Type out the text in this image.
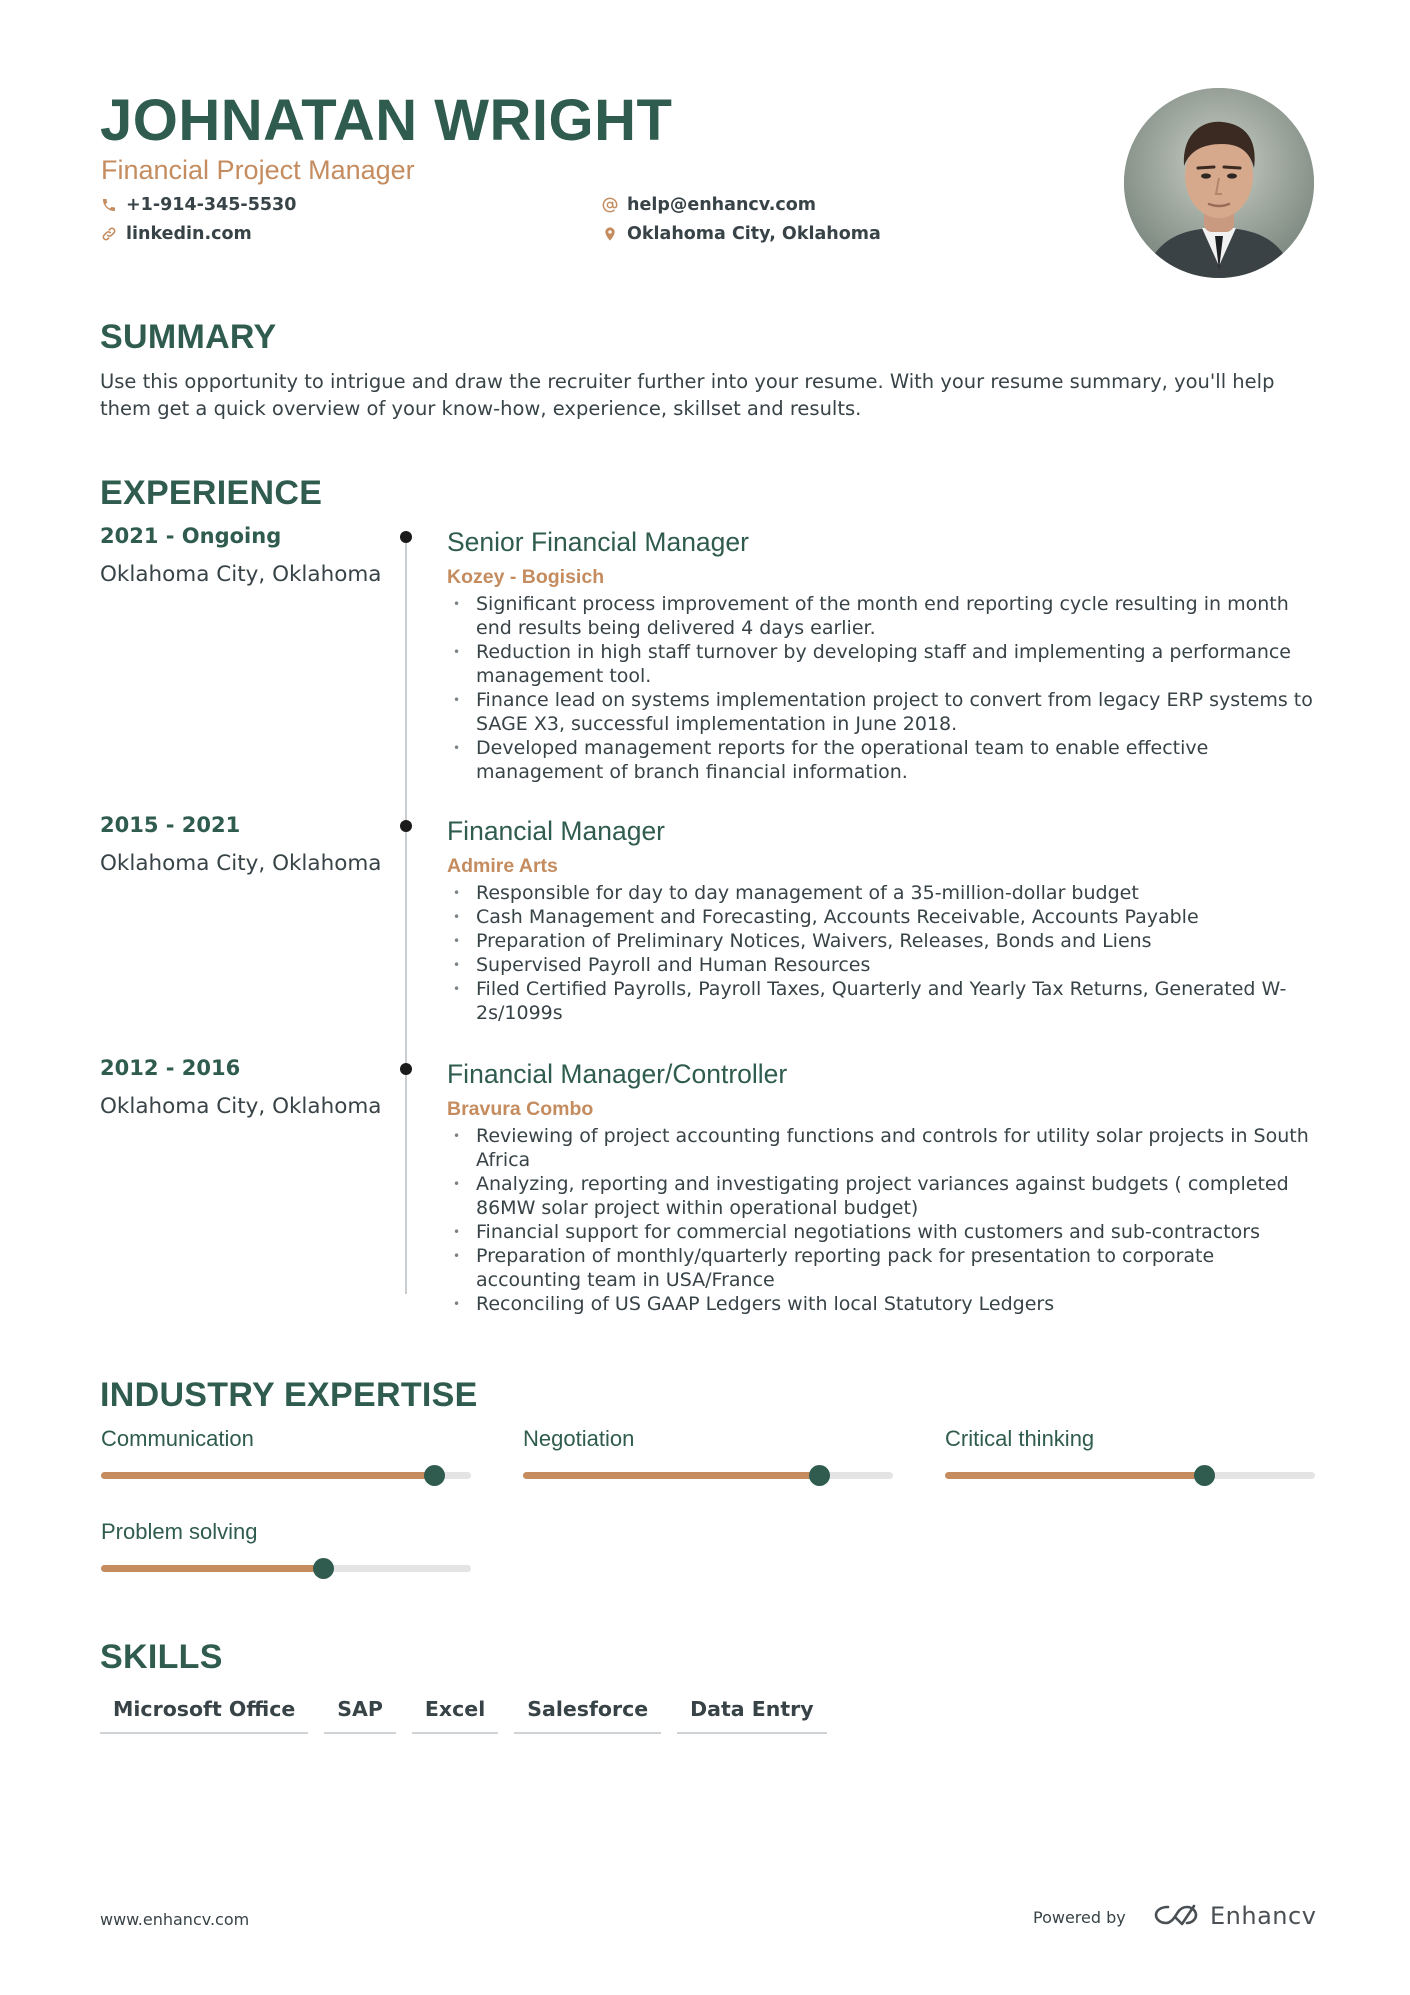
JOHNATAN WRIGHT
Financial Project Manager
+1-914-345-5530
linkedin.com
help@enhancv.com
Oklahoma City, Oklahoma
SUMMARY

Use this opportunity to intrigue and draw the recruiter further into your resume. With your resume summary, you'll help them get a quick overview of your know-how, experience, skillset and results.

EXPERIENCE
2021 - Ongoing
Oklahoma City, Oklahoma
Senior Financial Manager
Kozey - Bogisich
• Significant process improvement of the month end reporting cycle resulting in month end results being delivered 4 days earlier.
• Reduction in high staff turnover by developing staff and implementing a performance management tool.
• Finance lead on systems implementation project to convert from legacy ERP systems to SAGE X3, successful implementation in June 2018.
• Developed management reports for the operational team to enable effective management of branch financial information.
2015 - 2021
Oklahoma City, Oklahoma
Financial Manager
Admire Arts
• Responsible for day to day management of a 35-million-dollar budget
• Cash Management and Forecasting, Accounts Receivable, Accounts Payable
• Preparation of Preliminary Notices, Waivers, Releases, Bonds and Liens
• Supervised Payroll and Human Resources
• Filed Certified Payrolls, Payroll Taxes, Quarterly and Yearly Tax Returns, Generated W-2s/1099s
2012 - 2016
Oklahoma City, Oklahoma
Financial Manager/Controller
Bravura Combo
• Reviewing of project accounting functions and controls for utility solar projects in South Africa
• Analyzing, reporting and investigating project variances against budgets ( completed 86MW solar project within operational budget)
• Financial support for commercial negotiations with customers and sub-contractors
• Preparation of monthly/quarterly reporting pack for presentation to corporate accounting team in USA/France
• Reconciling of US GAAP Ledgers with local Statutory Ledgers
INDUSTRY EXPERTISE
Communication	Negotiation	Critical thinking
Problem solving
SKILLS
Microsoft Office	SAP	Excel	Salesforce	Data Entry

www.enhancv.com	Powered by	Enhancv
